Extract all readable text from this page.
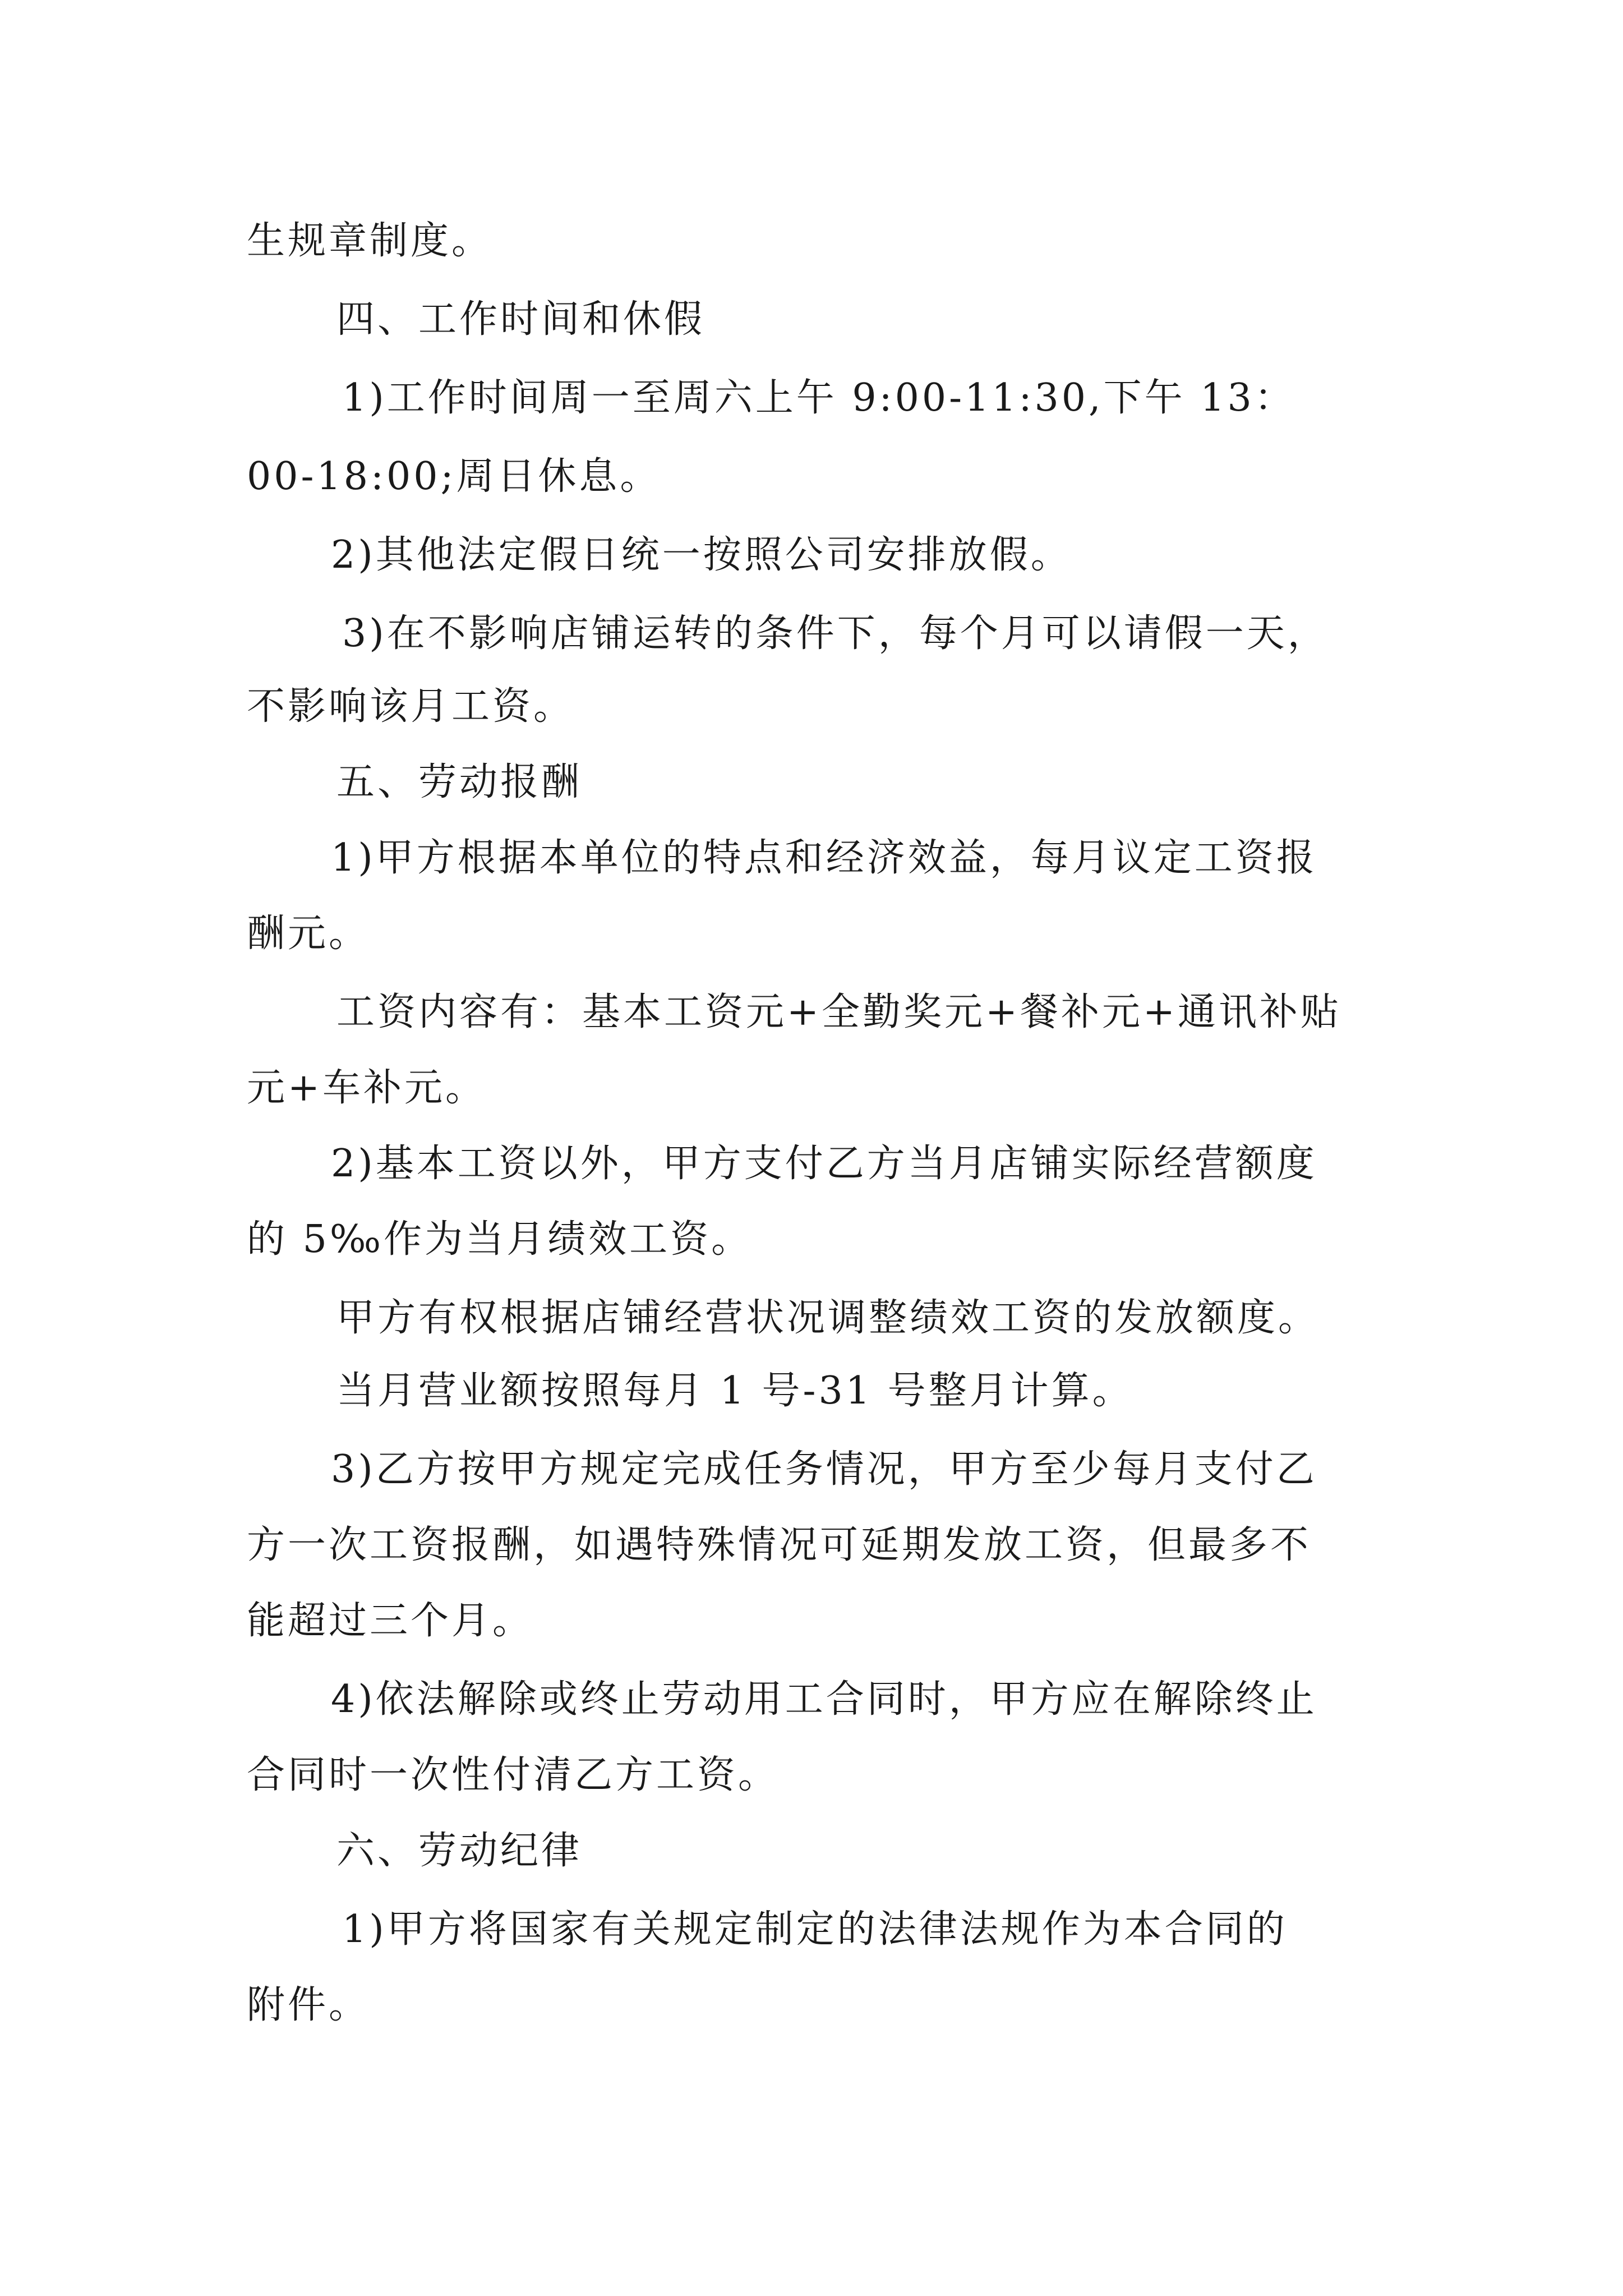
生规章制度。
四、工作时间和休假
1)工作时间周一至周六上午 9:00-11:30,下午 13：
00-18:00;周日休息。
2)其他法定假日统一按照公司安排放假。
3)在不影响店铺运转的条件下，每个月可以请假一天，
不影响该月工资。
五、劳动报酬
1)甲方根据本单位的特点和经济效益，每月议定工资报
酬元。
工资内容有：基本工资元+全勤奖元+餐补元+通讯补贴
元+车补元。
2)基本工资以外，甲方支付乙方当月店铺实际经营额度
的 5‰作为当月绩效工资。
甲方有权根据店铺经营状况调整绩效工资的发放额度。
当月营业额按照每月 1 号-31 号整月计算。
3)乙方按甲方规定完成任务情况，甲方至少每月支付乙
方一次工资报酬，如遇特殊情况可延期发放工资，但最多不
能超过三个月。
4)依法解除或终止劳动用工合同时，甲方应在解除终止
合同时一次性付清乙方工资。
六、劳动纪律
1)甲方将国家有关规定制定的法律法规作为本合同的
附件。
